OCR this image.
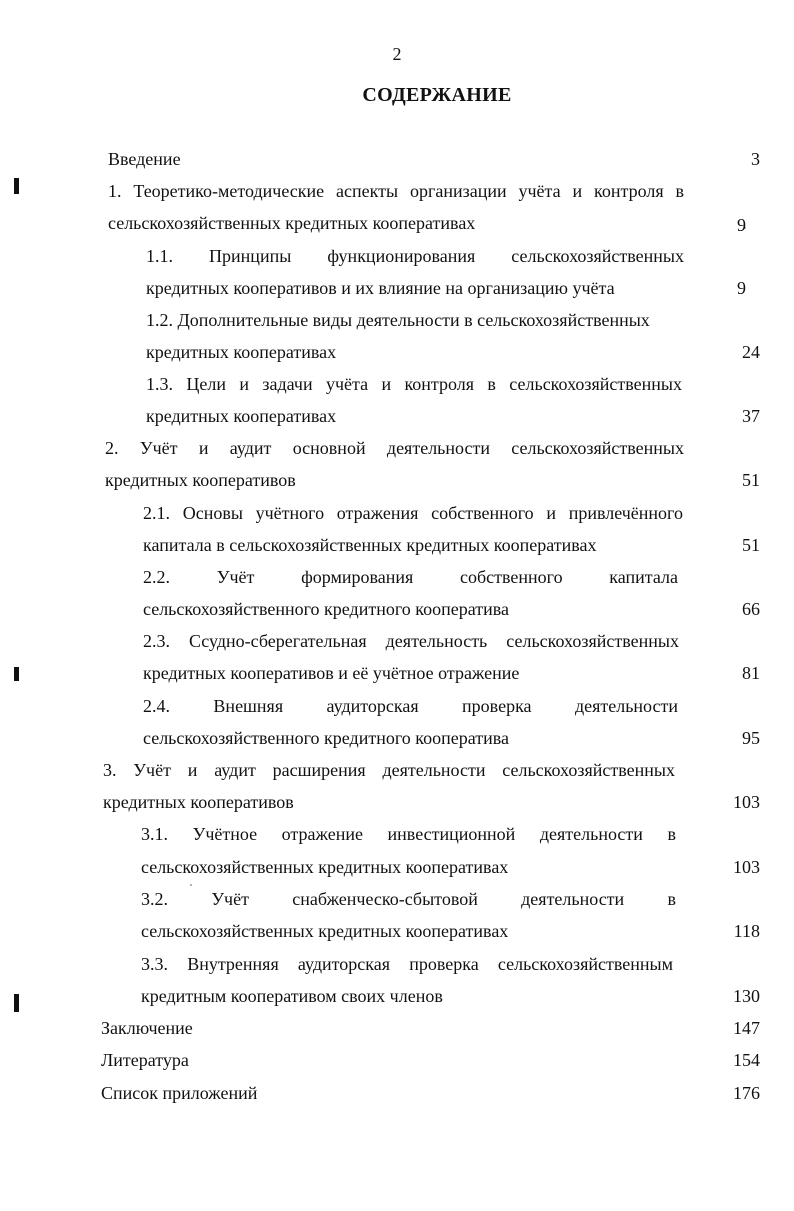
2
СОДЕРЖАНИЕ
Введение	3
1. Теоретико-методические аспекты организации учёта и контроля в
сельскохозяйственных кредитных кооперативах	9
1.1. Принципы функционирования сельскохозяйственных
кредитных кооперативов и их влияние на организацию учёта	9
1.2. Дополнительные виды деятельности в сельскохозяйственных
кредитных кооперативах	24
1.3. Цели и задачи учёта и контроля в сельскохозяйственных
кредитных кооперативах	37
2. Учёт и аудит основной деятельности сельскохозяйственных
кредитных кооперативов	51
2.1. Основы учётного отражения собственного и привлечённого
капитала в сельскохозяйственных кредитных кооперативах	51
2.2. Учёт формирования собственного капитала
сельскохозяйственного кредитного кооператива	66
2.3. Ссудно-сберегательная деятельность сельскохозяйственных
кредитных кооперативов и её учётное отражение	81
2.4. Внешняя аудиторская проверка деятельности
сельскохозяйственного кредитного кооператива	95
3. Учёт и аудит расширения деятельности сельскохозяйственных
кредитных кооперативов	103
3.1. Учётное отражение инвестиционной деятельности в
сельскохозяйственных кредитных кооперативах	103
3.2. Учёт снабженческо-сбытовой деятельности в
сельскохозяйственных кредитных кооперативах	118
3.3. Внутренняя аудиторская проверка сельскохозяйственным
кредитным кооперативом своих членов	130
Заключение	147
Литература	154
Список приложений	176
